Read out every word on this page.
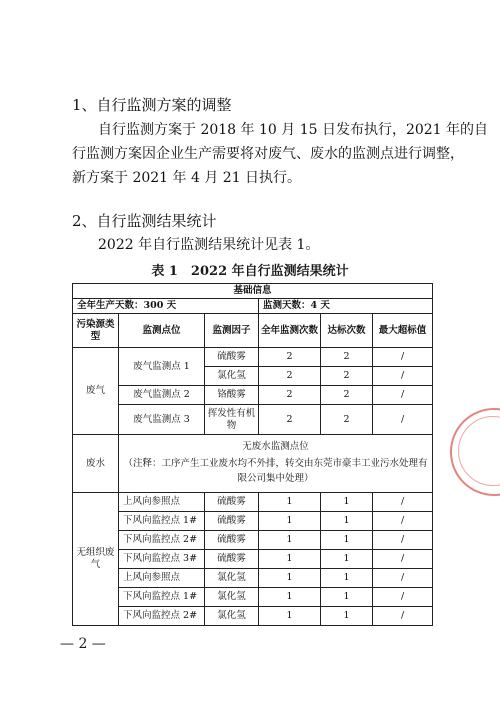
1、自行监测方案的调整
自行监测方案于 2018 年 10 月 15 日发布执行，2021 年的自
行监测方案因企业生产需要将对废气、废水的监测点进行调整，
新方案于 2021 年 4 月 21 日执行。
2、自行监测结果统计
2022 年自行监测结果统计见表 1。
表 1　2022 年自行监测结果统计
基础信息					
全年生产天数：300 天			监测天数：4 天		
污染源类型	监测点位	监测因子	全年监测次数	达标次数	最大超标值
废气	废气监测点 1	硫酸雾	2	2	/
		氯化氢	2	2	/
	废气监测点 2	铬酸雾	2	2	/
	废气监测点 3	挥发性有机物	2	2	/
废水	无废水监测点位
（注释：工序产生工业废水均不外排，转交由东莞市豪丰工业污水处理有限公司集中处理）				

无组织废气	上风向参照点	硫酸雾	1	1	/
	下风向监控点 1#	硫酸雾	1	1	/
	下风向监控点 2#	硫酸雾	1	1	/
	下风向监控点 3#	硫酸雾	1	1	/
	上风向参照点	氯化氢	1	1	/
	下风向监控点 1#	氯化氢	1	1	/
	下风向监控点 2#	氯化氢	1	1	/
— 2 —
